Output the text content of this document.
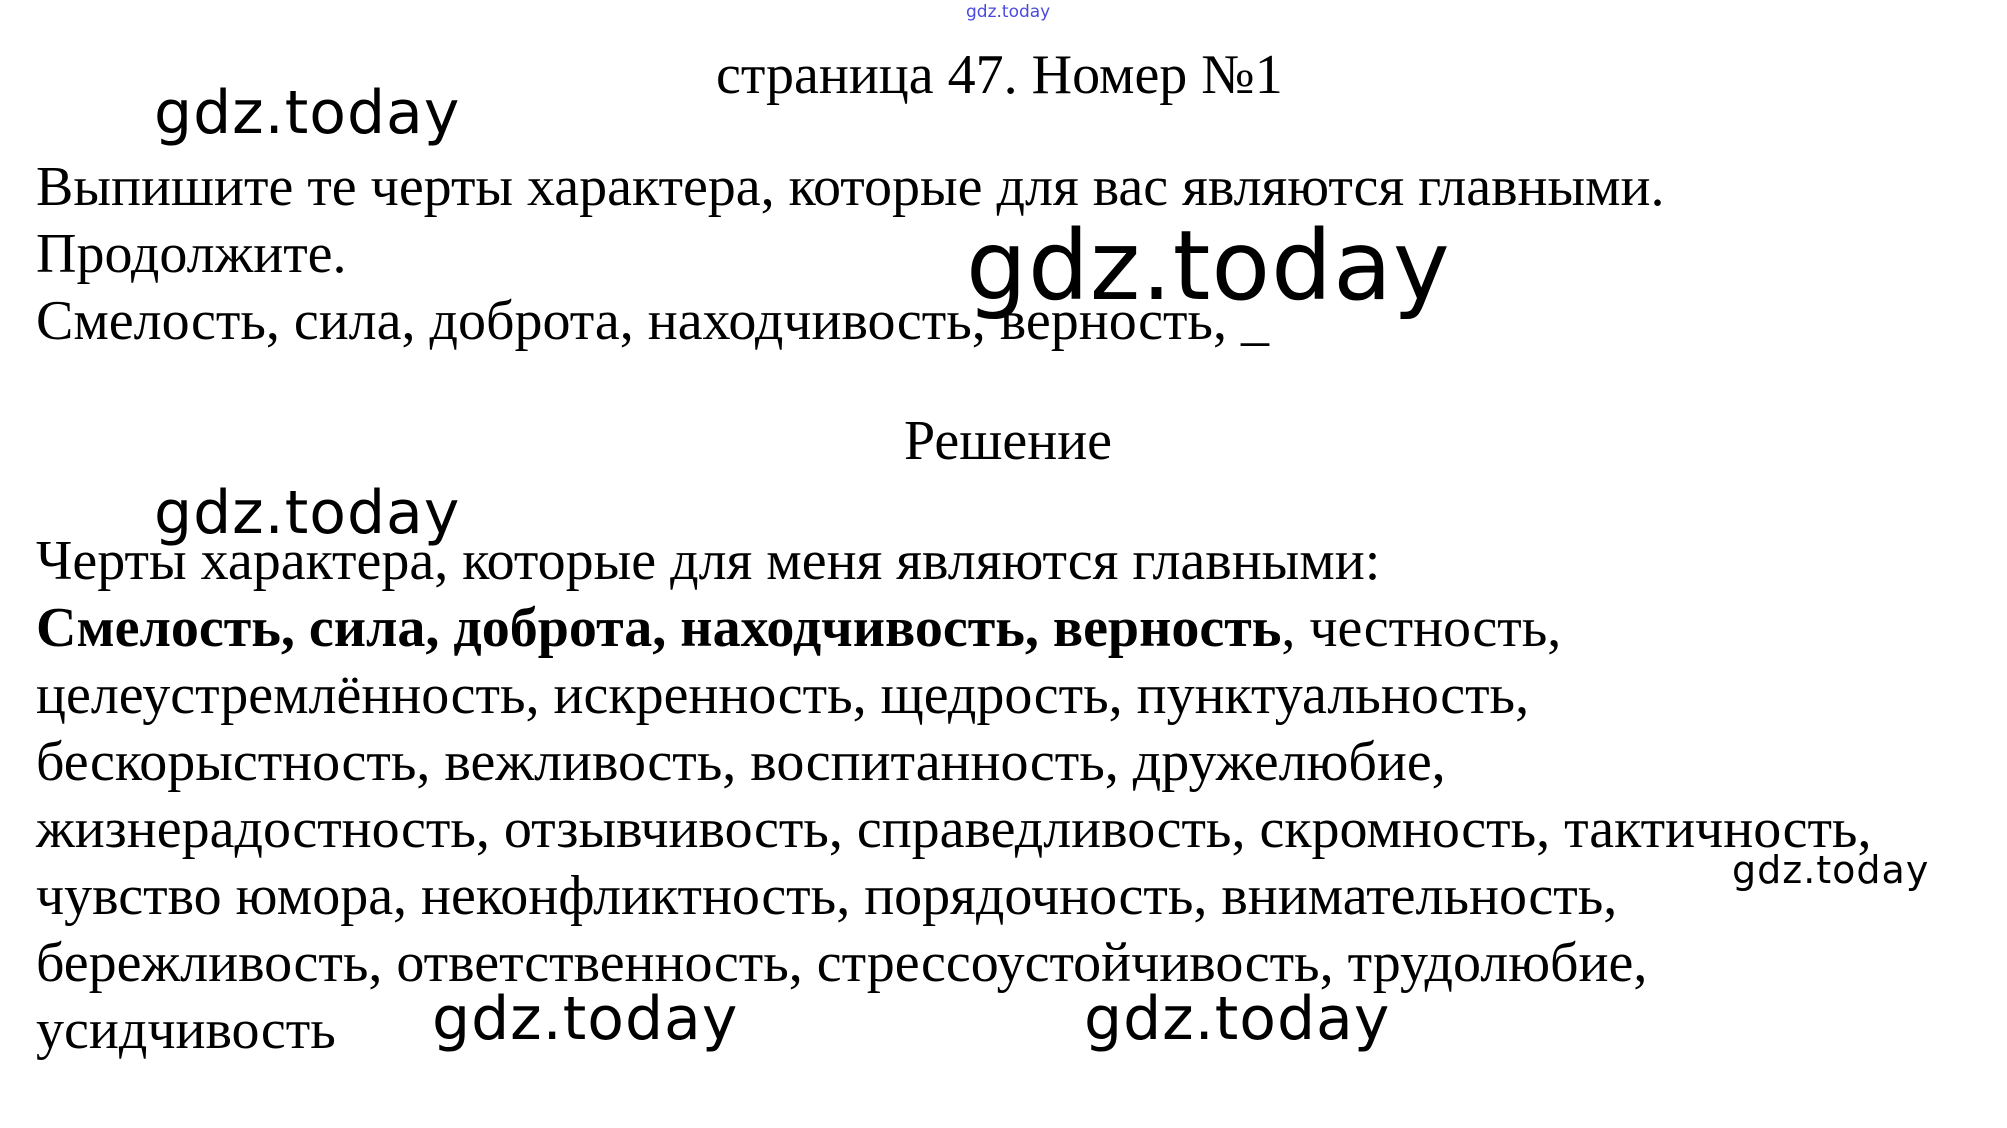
gdz.today
страница 47. Номер №1
Выпишите те черты характера, которые для вас являются главными.
Продолжите.
Смелость, сила, доброта, находчивость, верность, _
Решение
Черты характера, которые для меня являются главными:
Смелость, сила, доброта, находчивость, верность, честность,
целеустремлённость, искренность, щедрость, пунктуальность,
бескорыстность, вежливость, воспитанность, дружелюбие,
жизнерадостность, отзывчивость, справедливость, скромность, тактичность,
чувство юмора, неконфликтность, порядочность, внимательность,
бережливость, ответственность, стрессоустойчивость, трудолюбие,
усидчивость
gdz.today
gdz.today
gdz.today
gdz.today
gdz.today	gdz.today
